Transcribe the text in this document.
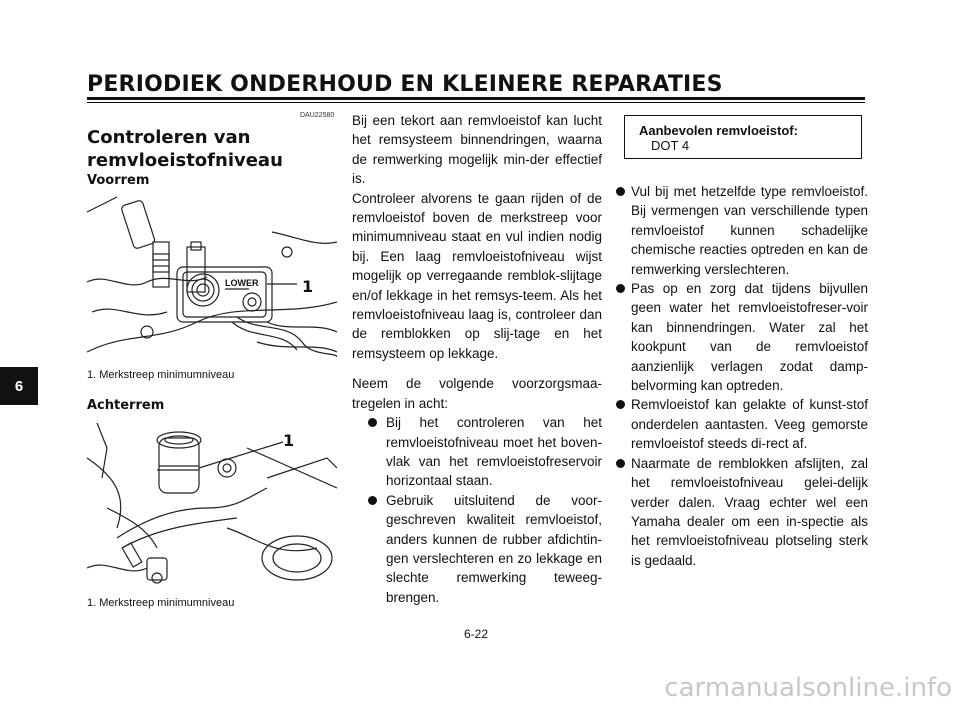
PERIODIEK ONDERHOUD EN KLEINERE REPARATIES
6
DAU22580
Controleren van remvloeistofniveau
Voorrem
LOWER	1
1. Merkstreep minimumniveau
Achterrem
1
1. Merkstreep minimumniveau

Bij een tekort aan remvloeistof kan lucht het remsysteem binnendringen, waarna de remwerking mogelijk min-der effectief is.

Controleer alvorens te gaan rijden of de remvloeistof boven de merkstreep voor minimumniveau staat en vul indien nodig bij. Een laag remvloeistofniveau wijst mogelijk op verregaande remblok-slijtage en/of lekkage in het remsys-teem. Als het remvloeistofniveau laag is, controleer dan de remblokken op slij-tage en het remsysteem op lekkage.

Neem de volgende voorzorgsmaa-tregelen in acht:

Bij het controleren van het remvloeistofniveau moet het boven-vlak van het remvloeistofreservoir horizontaal staan.
Gebruik uitsluitend de voor-geschreven kwaliteit remvloeistof, anders kunnen de rubber afdichtin-gen verslechteren en zo lekkage en slechte remwerking teweeg-brengen.
Aanbevolen remvloeistof:
DOT 4
Vul bij met hetzelfde type remvloeistof. Bij vermengen van verschillende typen remvloeistof kunnen schadelijke chemische reacties optreden en kan de remwerking verslechteren.
Pas op en zorg dat tijdens bijvullen geen water het remvloeistofreser-voir kan binnendringen. Water zal het kookpunt van de remvloeistof aanzienlijk verlagen zodat damp-belvorming kan optreden.
Remvloeistof kan gelakte of kunst-stof onderdelen aantasten. Veeg gemorste remvloeistof steeds di-rect af.
Naarmate de remblokken afslijten, zal het remvloeistofniveau gelei-delijk verder dalen. Vraag echter wel een Yamaha dealer om een in-spectie als het remvloeistofniveau plotseling sterk is gedaald.
6-22
carmanualsonline.info
